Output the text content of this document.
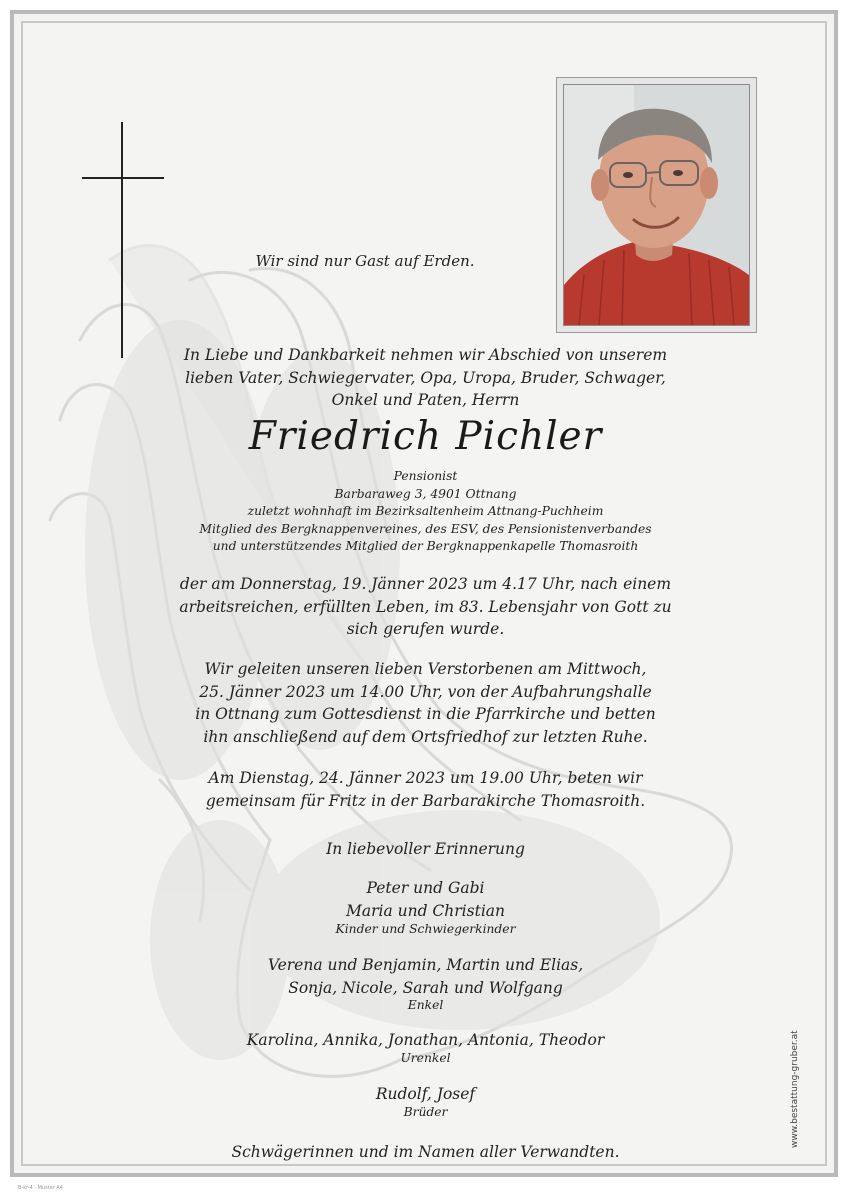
Wir sind nur Gast auf Erden.
In Liebe und Dankbarkeit nehmen wir Abschied von unserem
lieben Vater, Schwiegervater, Opa, Uropa, Bruder, Schwager,
Onkel und Paten, Herrn
Friedrich Pichler
Pensionist
Barbaraweg 3, 4901 Ottnang
zuletzt wohnhaft im Bezirksaltenheim Attnang-Puchheim
Mitglied des Bergknappenvereines, des ESV, des Pensionistenverbandes
und unterstützendes Mitglied der Bergknappenkapelle Thomasroith
der am Donnerstag, 19. Jänner 2023 um 4.17 Uhr, nach einem
arbeitsreichen, erfüllten Leben, im 83. Lebensjahr von Gott zu
sich gerufen wurde.
Wir geleiten unseren lieben Verstorbenen am Mittwoch,
25. Jänner 2023 um 14.00 Uhr, von der Aufbahrungshalle
in Ottnang zum Gottesdienst in die Pfarrkirche und betten
ihn anschließend auf dem Ortsfriedhof zur letzten Ruhe.
Am Dienstag, 24. Jänner 2023 um 19.00 Uhr, beten wir
gemeinsam für Fritz in der Barbarakirche Thomasroith.
In liebevoller Erinnerung
Peter und Gabi
Maria und Christian
Kinder und Schwiegerkinder
Verena und Benjamin, Martin und Elias,
Sonja, Nicole, Sarah und Wolfgang
Enkel
Karolina, Annika, Jonathan, Antonia, Theodor
Urenkel
Rudolf, Josef
Brüder
Schwägerinnen und im Namen aller Verwandten.
www.bestattung-gruber.at
B-kr-4 · Muster A4
